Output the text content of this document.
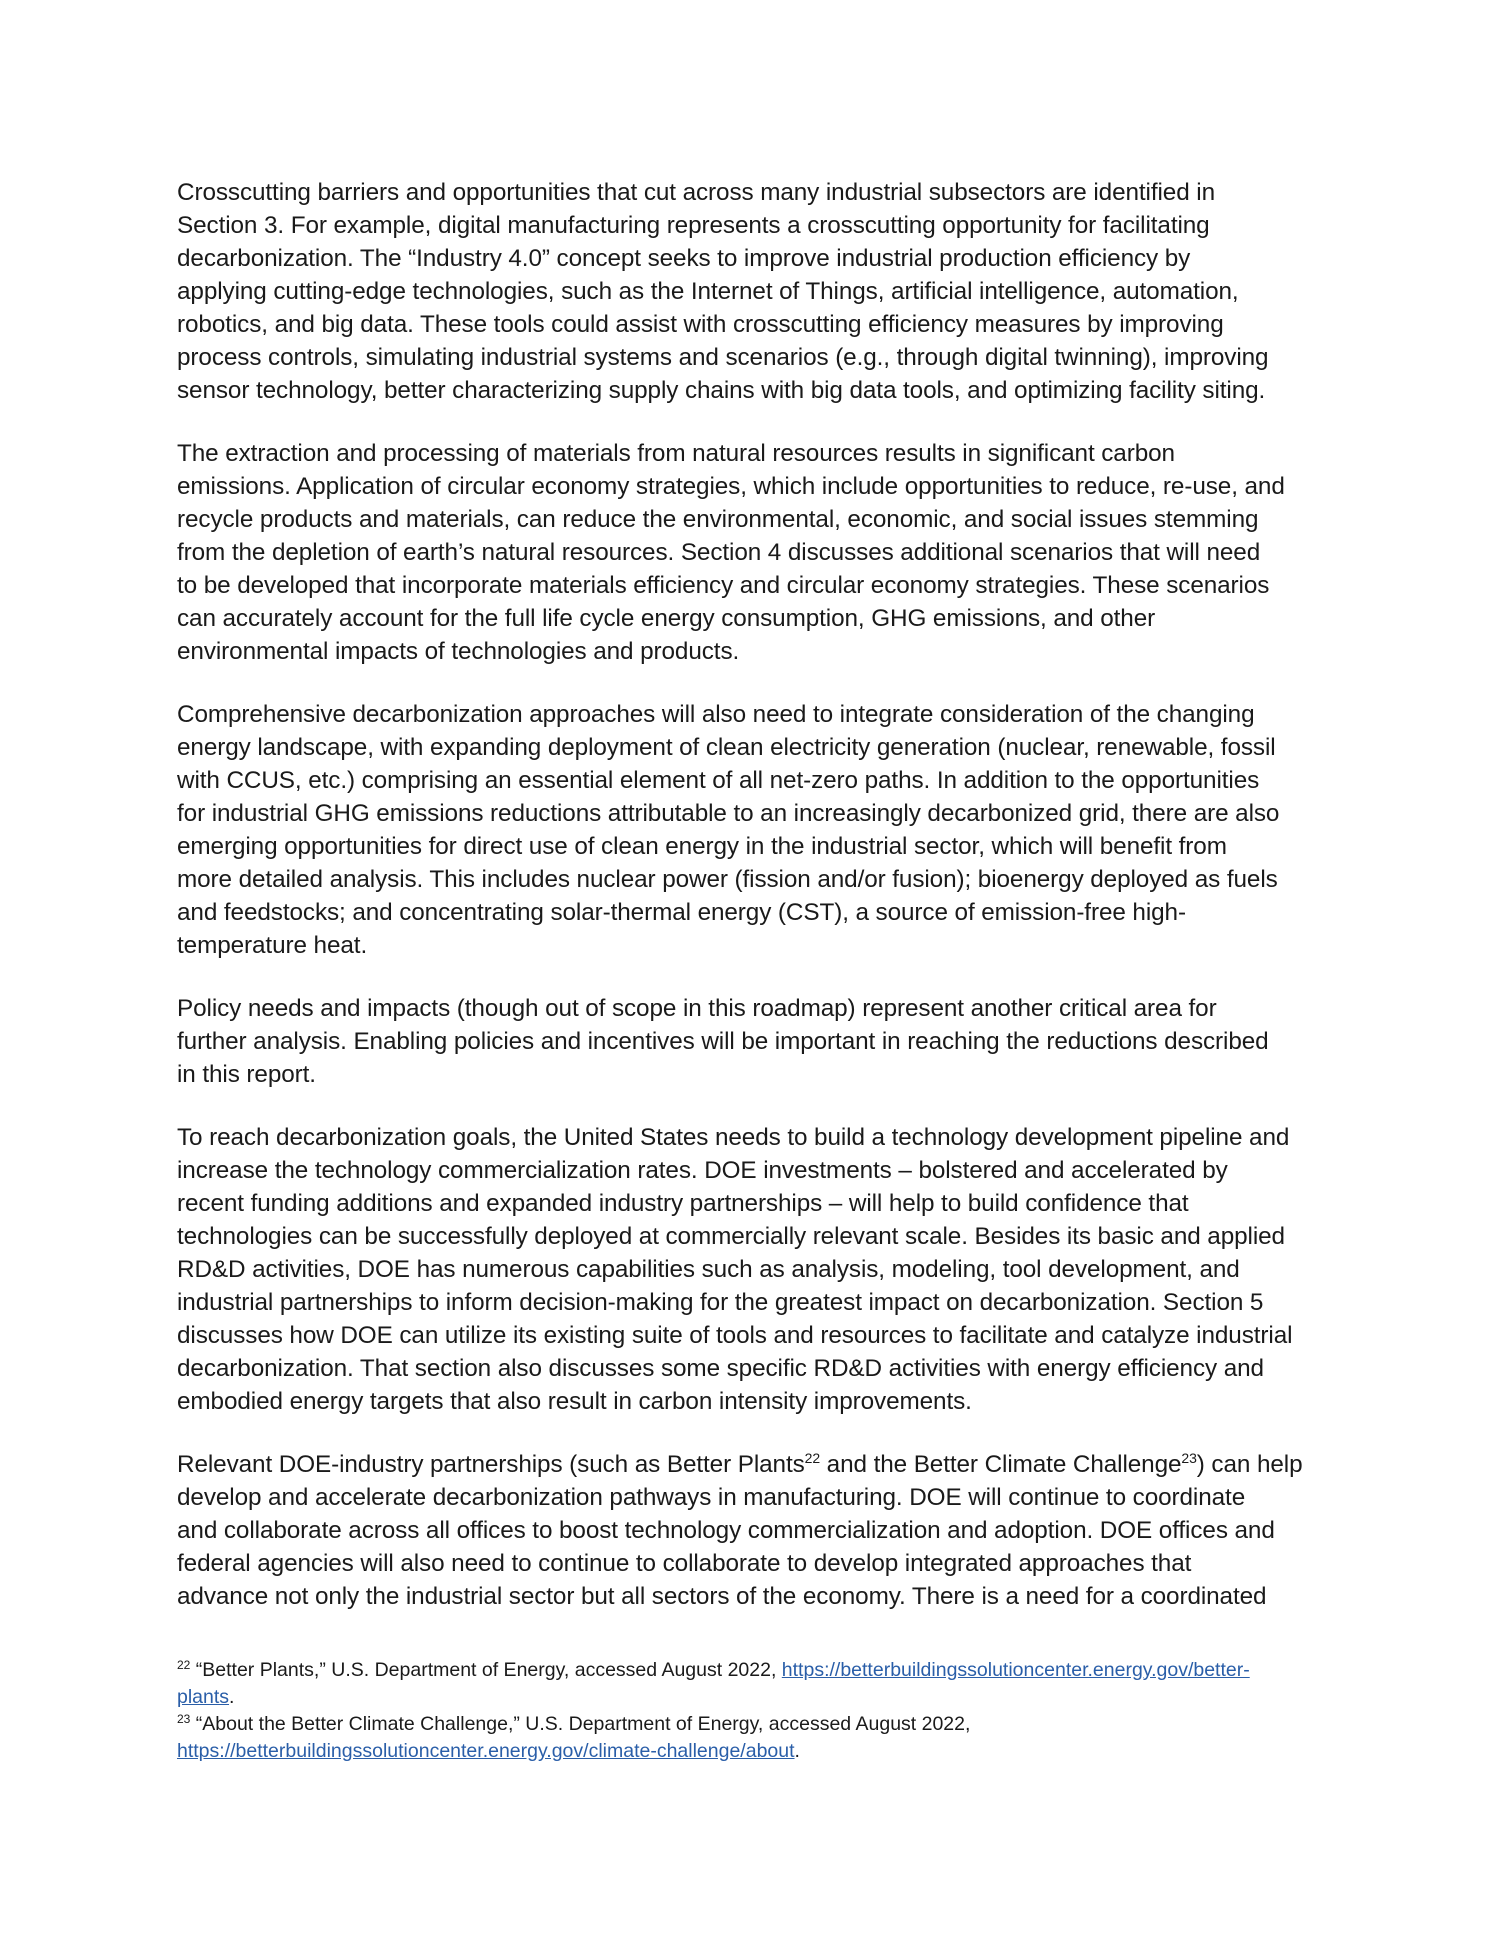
Crosscutting barriers and opportunities that cut across many industrial subsectors are identified in
Section 3. For example, digital manufacturing represents a crosscutting opportunity for facilitating
decarbonization. The “Industry 4.0” concept seeks to improve industrial production efficiency by
applying cutting-edge technologies, such as the Internet of Things, artificial intelligence, automation,
robotics, and big data. These tools could assist with crosscutting efficiency measures by improving
process controls, simulating industrial systems and scenarios (e.g., through digital twinning), improving
sensor technology, better characterizing supply chains with big data tools, and optimizing facility siting.

The extraction and processing of materials from natural resources results in significant carbon
emissions. Application of circular economy strategies, which include opportunities to reduce, re-use, and
recycle products and materials, can reduce the environmental, economic, and social issues stemming
from the depletion of earth’s natural resources. Section 4 discusses additional scenarios that will need
to be developed that incorporate materials efficiency and circular economy strategies. These scenarios
can accurately account for the full life cycle energy consumption, GHG emissions, and other
environmental impacts of technologies and products.

Comprehensive decarbonization approaches will also need to integrate consideration of the changing
energy landscape, with expanding deployment of clean electricity generation (nuclear, renewable, fossil
with CCUS, etc.) comprising an essential element of all net-zero paths. In addition to the opportunities
for industrial GHG emissions reductions attributable to an increasingly decarbonized grid, there are also
emerging opportunities for direct use of clean energy in the industrial sector, which will benefit from
more detailed analysis. This includes nuclear power (fission and/or fusion); bioenergy deployed as fuels
and feedstocks; and concentrating solar-thermal energy (CST), a source of emission-free high-
temperature heat.

Policy needs and impacts (though out of scope in this roadmap) represent another critical area for
further analysis. Enabling policies and incentives will be important in reaching the reductions described
in this report.

To reach decarbonization goals, the United States needs to build a technology development pipeline and
increase the technology commercialization rates. DOE investments – bolstered and accelerated by
recent funding additions and expanded industry partnerships – will help to build confidence that
technologies can be successfully deployed at commercially relevant scale. Besides its basic and applied
RD&D activities, DOE has numerous capabilities such as analysis, modeling, tool development, and
industrial partnerships to inform decision-making for the greatest impact on decarbonization. Section 5
discusses how DOE can utilize its existing suite of tools and resources to facilitate and catalyze industrial
decarbonization. That section also discusses some specific RD&D activities with energy efficiency and
embodied energy targets that also result in carbon intensity improvements.

Relevant DOE-industry partnerships (such as Better Plants$^{22}$ and the Better Climate Challenge$^{23}$) can help
develop and accelerate decarbonization pathways in manufacturing. DOE will continue to coordinate
and collaborate across all offices to boost technology commercialization and adoption. DOE offices and
federal agencies will also need to continue to collaborate to develop integrated approaches that
advance not only the industrial sector but all sectors of the economy. There is a need for a coordinated

$^{22}$ “Better Plants,” U.S. Department of Energy, accessed August 2022, https://betterbuildingssolutioncenter.energy.gov/better-
plants.
$^{23}$ “About the Better Climate Challenge,” U.S. Department of Energy, accessed August 2022,
https://betterbuildingssolutioncenter.energy.gov/climate-challenge/about.
